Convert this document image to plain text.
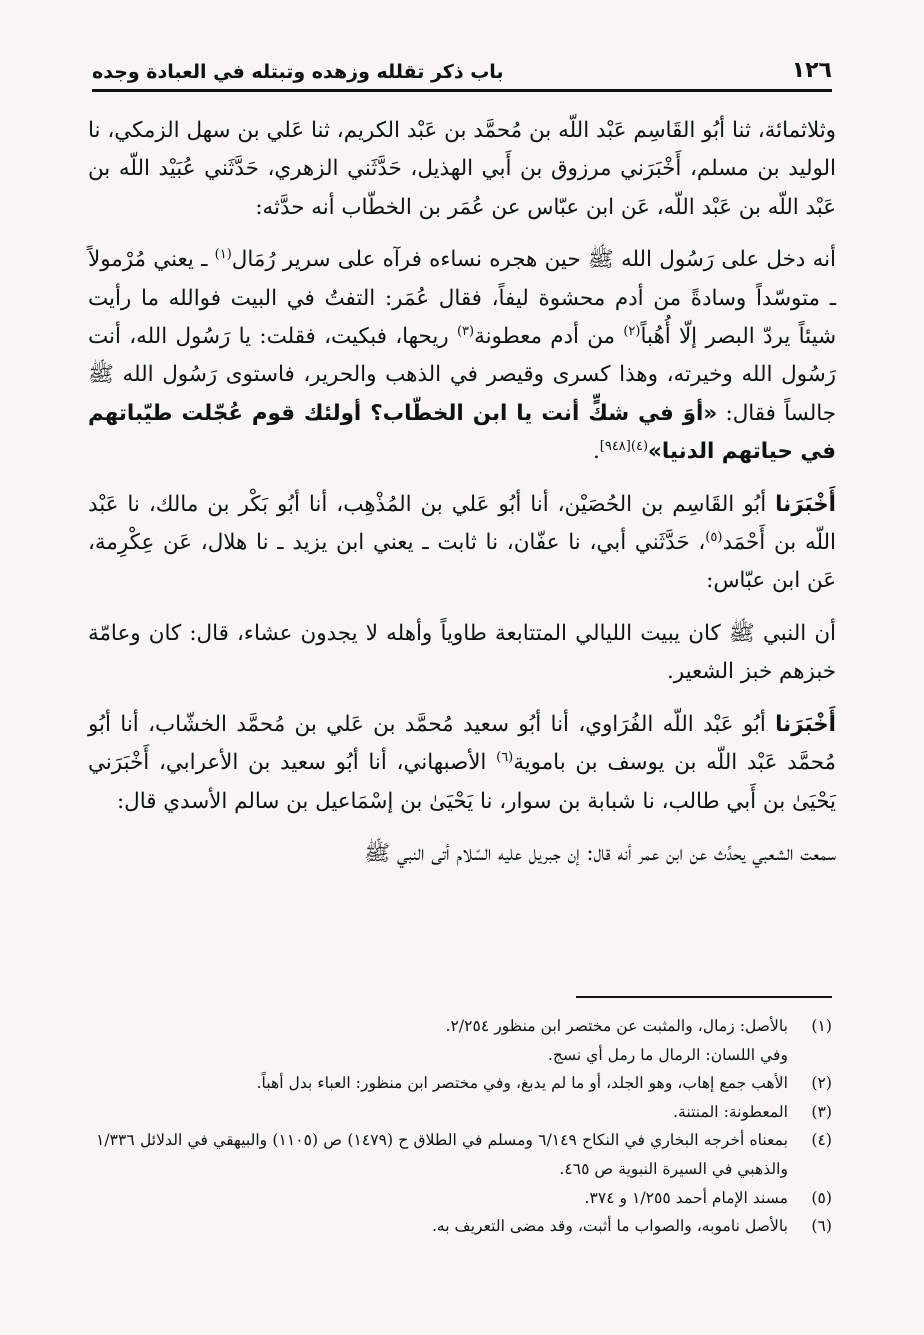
١٢٦
باب ذكر تقلله وزهده وتبتله في العبادة وجده

وثلاثمائة، ثنا أبُو القَاسِم عَبْد اللّه بن مُحمَّد بن عَبْد الكريم، ثنا عَلي بن سهل الزمكي، نا الوليد بن مسلم، أَخْبَرَني مرزوق بن أَبي الهذيل، حَدَّثَني الزهري، حَدَّثَني عُبَيْد اللّه بن عَبْد اللّه بن عَبْد اللّه، عَن ابن عبّاس عن عُمَر بن الخطّاب أنه حدَّثه:

أنه دخل على رَسُول الله ﷺ حين هجره نساءه فرآه على سرير رُمَال$^{(١)}$ ـ يعني مُرْمولاً ـ متوسّداً وسادةً من أدم محشوة ليفاً، فقال عُمَر: التفتُ في البيت فوالله ما رأيت شيئاً يردّ البصر إلّا أُهُباً$^{(٢)}$ من أدم معطونة$^{(٣)}$ ريحها، فبكيت، فقلت: يا رَسُول الله، أنت رَسُول الله وخيرته، وهذا كسرى وقيصر في الذهب والحرير، فاستوى رَسُول الله ﷺ جالساً فقال: «أوَ في شكٍّ أنت يا ابن الخطّاب؟ أولئك قوم عُجّلت طيّباتهم في حياتهم الدنيا»$^{(٤)[٩٤٨]}$.

أَخْبَرَنا أبُو القَاسِم بن الحُصَيْن، أنا أبُو عَلي بن المُذْهِب، أنا أبُو بَكْر بن مالك، نا عَبْد اللّه بن أَحْمَد$^{(٥)}$، حَدَّثَني أبي، نا عفّان، نا ثابت ـ يعني ابن يزيد ـ نا هلال، عَن عِكْرِمة، عَن ابن عبّاس:

أن النبي ﷺ كان يبيت الليالي المتتابعة طاوياً وأهله لا يجدون عشاء، قال: كان وعامّة خبزهم خبز الشعير.

أَخْبَرَنا أبُو عَبْد اللّه الفُرَاوي، أنا أبُو سعيد مُحمَّد بن عَلي بن مُحمَّد الخشّاب، أنا أبُو مُحمَّد عَبْد اللّه بن يوسف بن باموية$^{(٦)}$ الأصبهاني، أنا أبُو سعيد بن الأعرابي، أَخْبَرَني يَحْيَىٰ بن أَبي طالب، نا شبابة بن سوار، نا يَحْيَىٰ بن إسْمَاعيل بن سالم الأسدي قال:

سمعت الشعبي يحدِّث عن ابن عمر أنه قال: إن جبريل عليه السّلام أتى النبي ﷺ

(١)
بالأصل: زمال، والمثبت عن مختصر ابن منظور ٢/٢٥٤.
وفي اللسان: الرمال ما رمل أي نسج.
(٢)
الأهب جمع إهاب، وهو الجلد، أو ما لم يدبغ، وفي مختصر ابن منظور: العباء بدل أهباً.
(٣)
المعطونة: المنتنة.
(٤)
بمعناه أخرجه البخاري في النكاح ٦/١٤٩ ومسلم في الطلاق ح (١٤٧٩) ص (١١٠٥) والبيهقي في الدلائل ١/٣٣٦ والذهبي في السيرة النبوية ص ٤٦٥.
(٥)
مسند الإمام أحمد ١/٢٥٥ و ٣٧٤.
(٦)
بالأصل ناموبه، والصواب ما أثبت، وقد مضى التعريف به.
